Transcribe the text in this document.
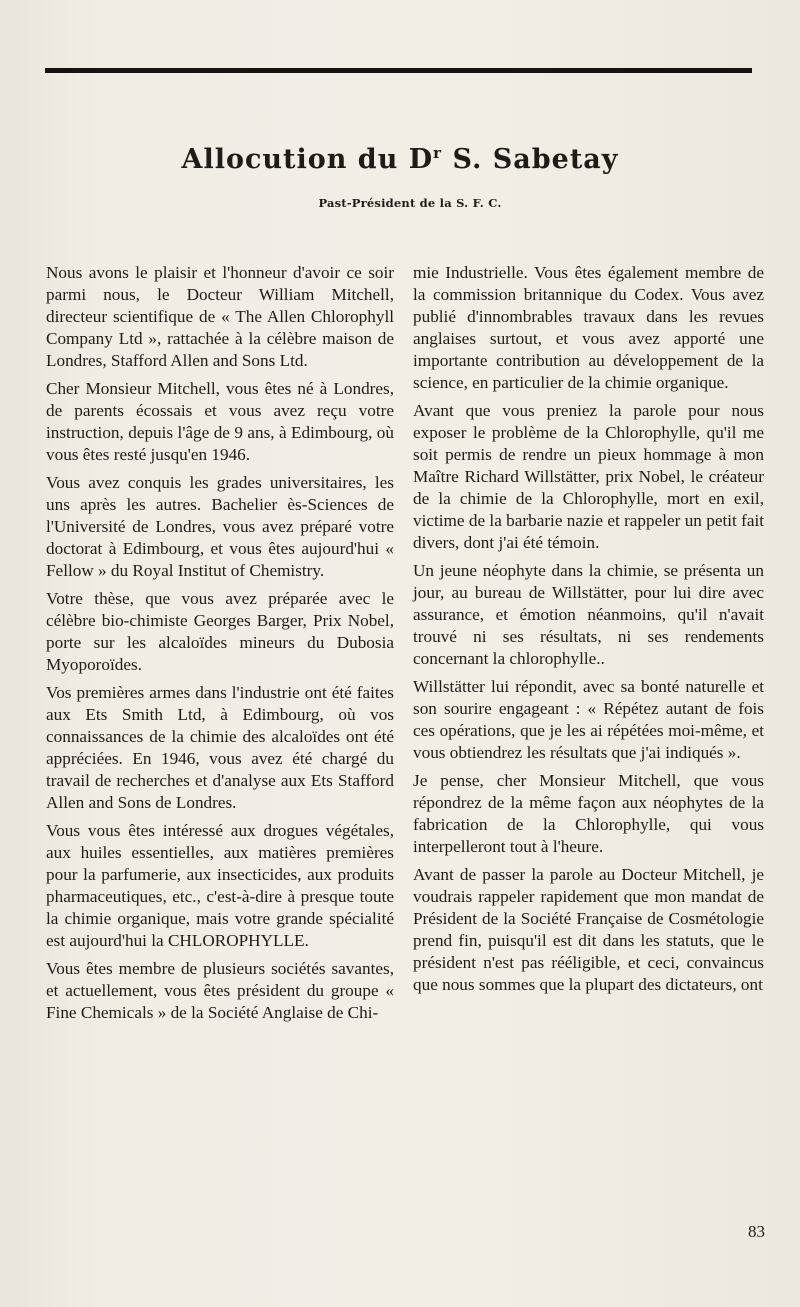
Allocution du $D^r$ S. Sabetay

Past-Président de la S. F. C.

Nous avons le plaisir et l'honneur d'avoir ce soir parmi nous, le Docteur William Mitchell, directeur scientifique de « The Allen Chlorophyll Company Ltd », rattachée à la célèbre maison de Londres, Stafford Allen and Sons Ltd.

Cher Monsieur Mitchell, vous êtes né à Londres, de parents écossais et vous avez reçu votre instruction, depuis l'âge de 9 ans, à Edimbourg, où vous êtes resté jusqu'en 1946.

Vous avez conquis les grades universitaires, les uns après les autres. Bachelier ès-Sciences de l'Université de Londres, vous avez préparé votre doctorat à Edimbourg, et vous êtes aujourd'hui « Fellow » du Royal Institut of Chemistry.

Votre thèse, que vous avez préparée avec le célèbre bio-chimiste Georges Barger, Prix Nobel, porte sur les alcaloïdes mineurs du Dubosia Myoporoïdes.

Vos premières armes dans l'industrie ont été faites aux Ets Smith Ltd, à Edimbourg, où vos connaissances de la chimie des alcaloïdes ont été appréciées. En 1946, vous avez été chargé du travail de recherches et d'analyse aux Ets Stafford Allen and Sons de Londres.

Vous vous êtes intéressé aux drogues végétales, aux huiles essentielles, aux matières premières pour la parfumerie, aux insecticides, aux produits pharmaceutiques, etc., c'est-à-dire à presque toute la chimie organique, mais votre grande spécialité est aujourd'hui la CHLOROPHYLLE.

Vous êtes membre de plusieurs sociétés savantes, et actuellement, vous êtes président du groupe « Fine Chemicals » de la Société Anglaise de Chi-

mie Industrielle. Vous êtes également membre de la commission britannique du Codex. Vous avez publié d'innombrables travaux dans les revues anglaises surtout, et vous avez apporté une importante contribution au développement de la science, en particulier de la chimie organique.

Avant que vous preniez la parole pour nous exposer le problème de la Chlorophylle, qu'il me soit permis de rendre un pieux hommage à mon Maître Richard Willstätter, prix Nobel, le créateur de la chimie de la Chlorophylle, mort en exil, victime de la barbarie nazie et rappeler un petit fait divers, dont j'ai été témoin.

Un jeune néophyte dans la chimie, se présenta un jour, au bureau de Willstätter, pour lui dire avec assurance, et émotion néanmoins, qu'il n'avait trouvé ni ses résultats, ni ses rendements concernant la chlorophylle..

Willstätter lui répondit, avec sa bonté naturelle et son sourire engageant : « Répétez autant de fois ces opérations, que je les ai répétées moi-même, et vous obtiendrez les résultats que j'ai indiqués ».

Je pense, cher Monsieur Mitchell, que vous répondrez de la même façon aux néophytes de la fabrication de la Chlorophylle, qui vous interpelleront tout à l'heure.

Avant de passer la parole au Docteur Mitchell, je voudrais rappeler rapidement que mon mandat de Président de la Société Française de Cosmétologie prend fin, puisqu'il est dit dans les statuts, que le président n'est pas rééligible, et ceci, convaincus que nous sommes que la plupart des dictateurs, ont

83
